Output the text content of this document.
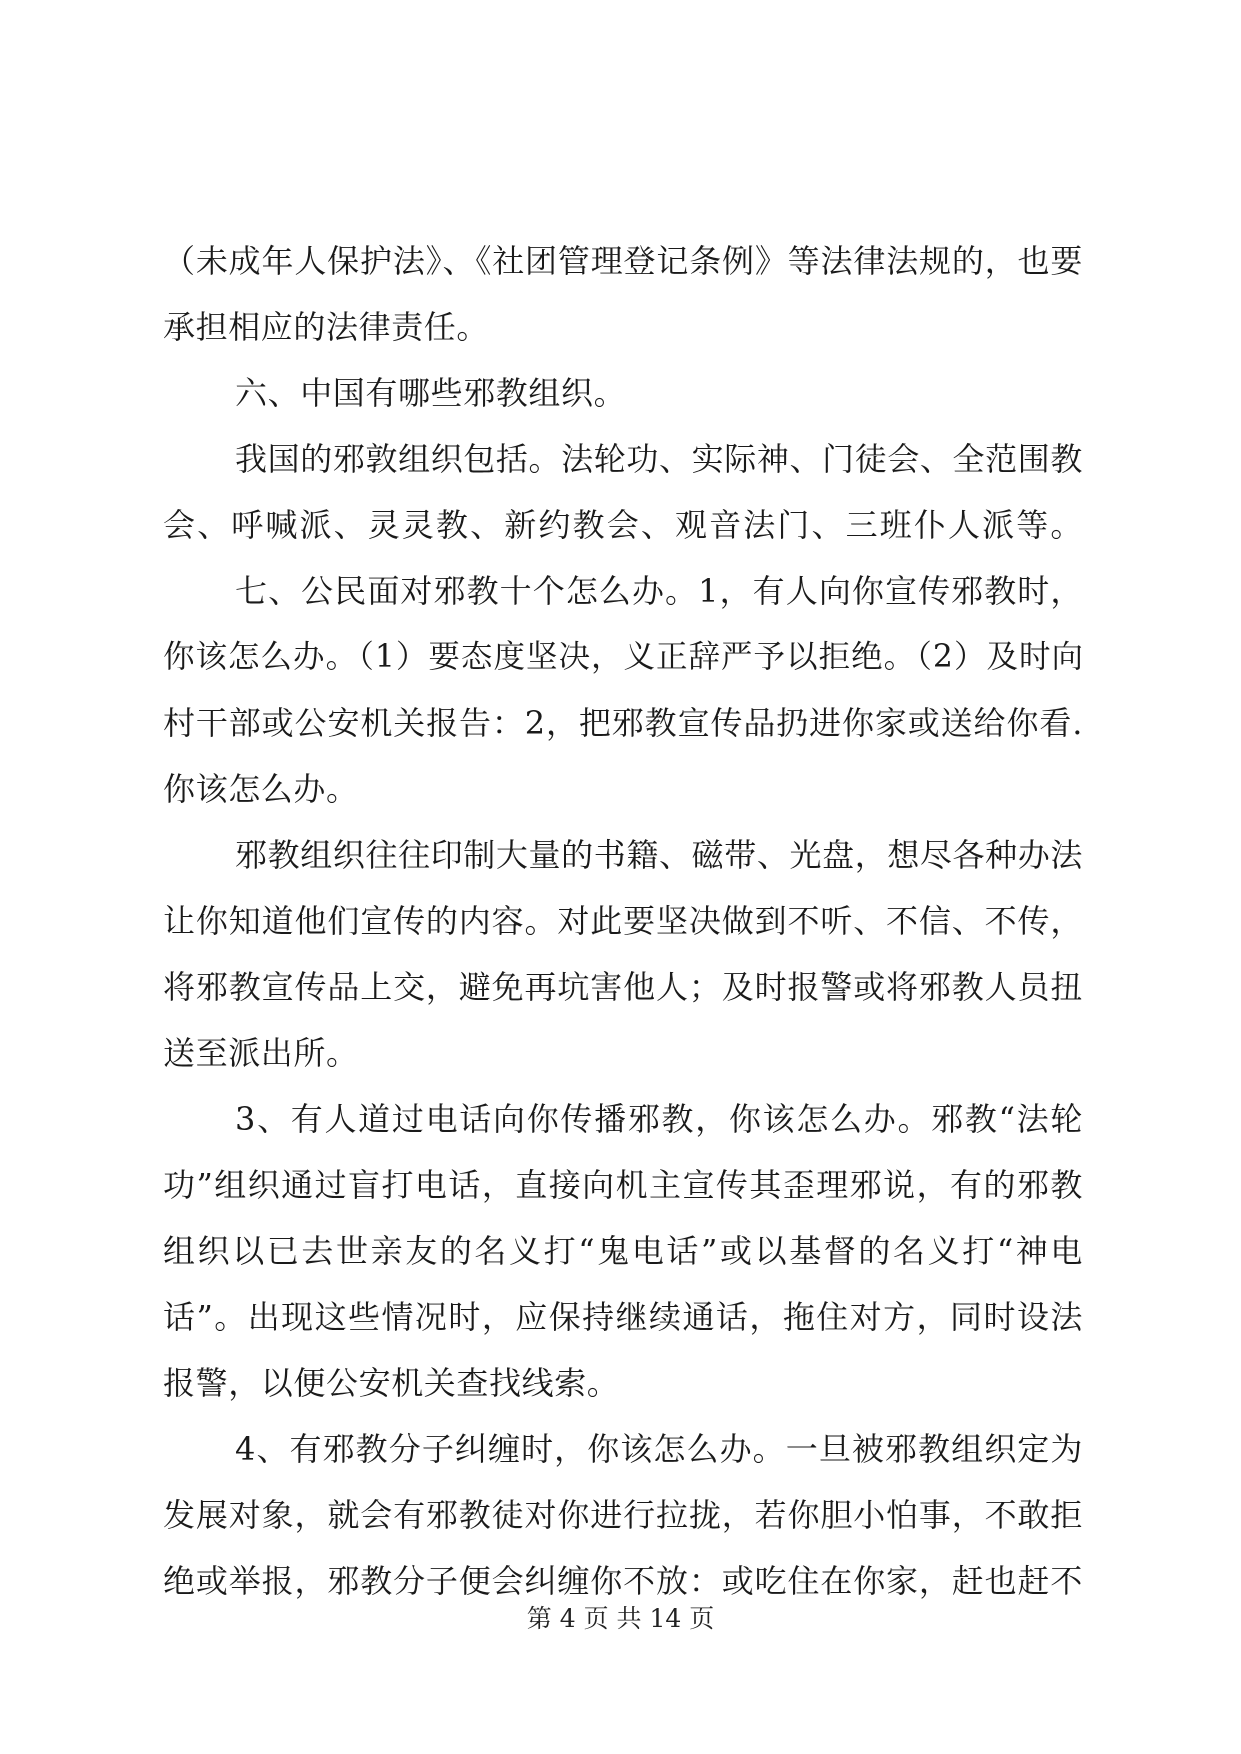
（未成年人保护法》、《社团管理登记条例》等法律法规的，也要
承担相应的法律责任。
六、中国有哪些邪教组织。
我国的邪敦组织包括。法轮功、实际神、门徒会、全范围教
会、呼喊派、灵灵教、新约教会、观音法门、三班仆人派等。
七、公民面对邪教十个怎么办。1，有人向你宣传邪教时，
你该怎么办。（1）要态度坚决，义正辞严予以拒绝。（2）及时向
村干部或公安机关报告：2，把邪教宣传品扔进你家或送给你看.
你该怎么办。
邪教组织往往印制大量的书籍、磁带、光盘，想尽各种办法
让你知道他们宣传的内容。对此要坚决做到不听、不信、不传，
将邪教宣传品上交，避免再坑害他人；及时报警或将邪教人员扭
送至派出所。
3、有人道过电话向你传播邪教，你该怎么办。邪教“法轮
功”组织通过盲打电话，直接向机主宣传其歪理邪说，有的邪教
组织以已去世亲友的名义打“鬼电话”或以基督的名义打“神电
话”。出现这些情况时，应保持继续通话，拖住对方，同时设法
报警，以便公安机关查找线索。
4、有邪教分子纠缠时，你该怎么办。一旦被邪教组织定为
发展对象，就会有邪教徒对你进行拉拢，若你胆小怕事，不敢拒
绝或举报，邪教分子便会纠缠你不放：或吃住在你家，赶也赶不
第 4 页 共 14 页
